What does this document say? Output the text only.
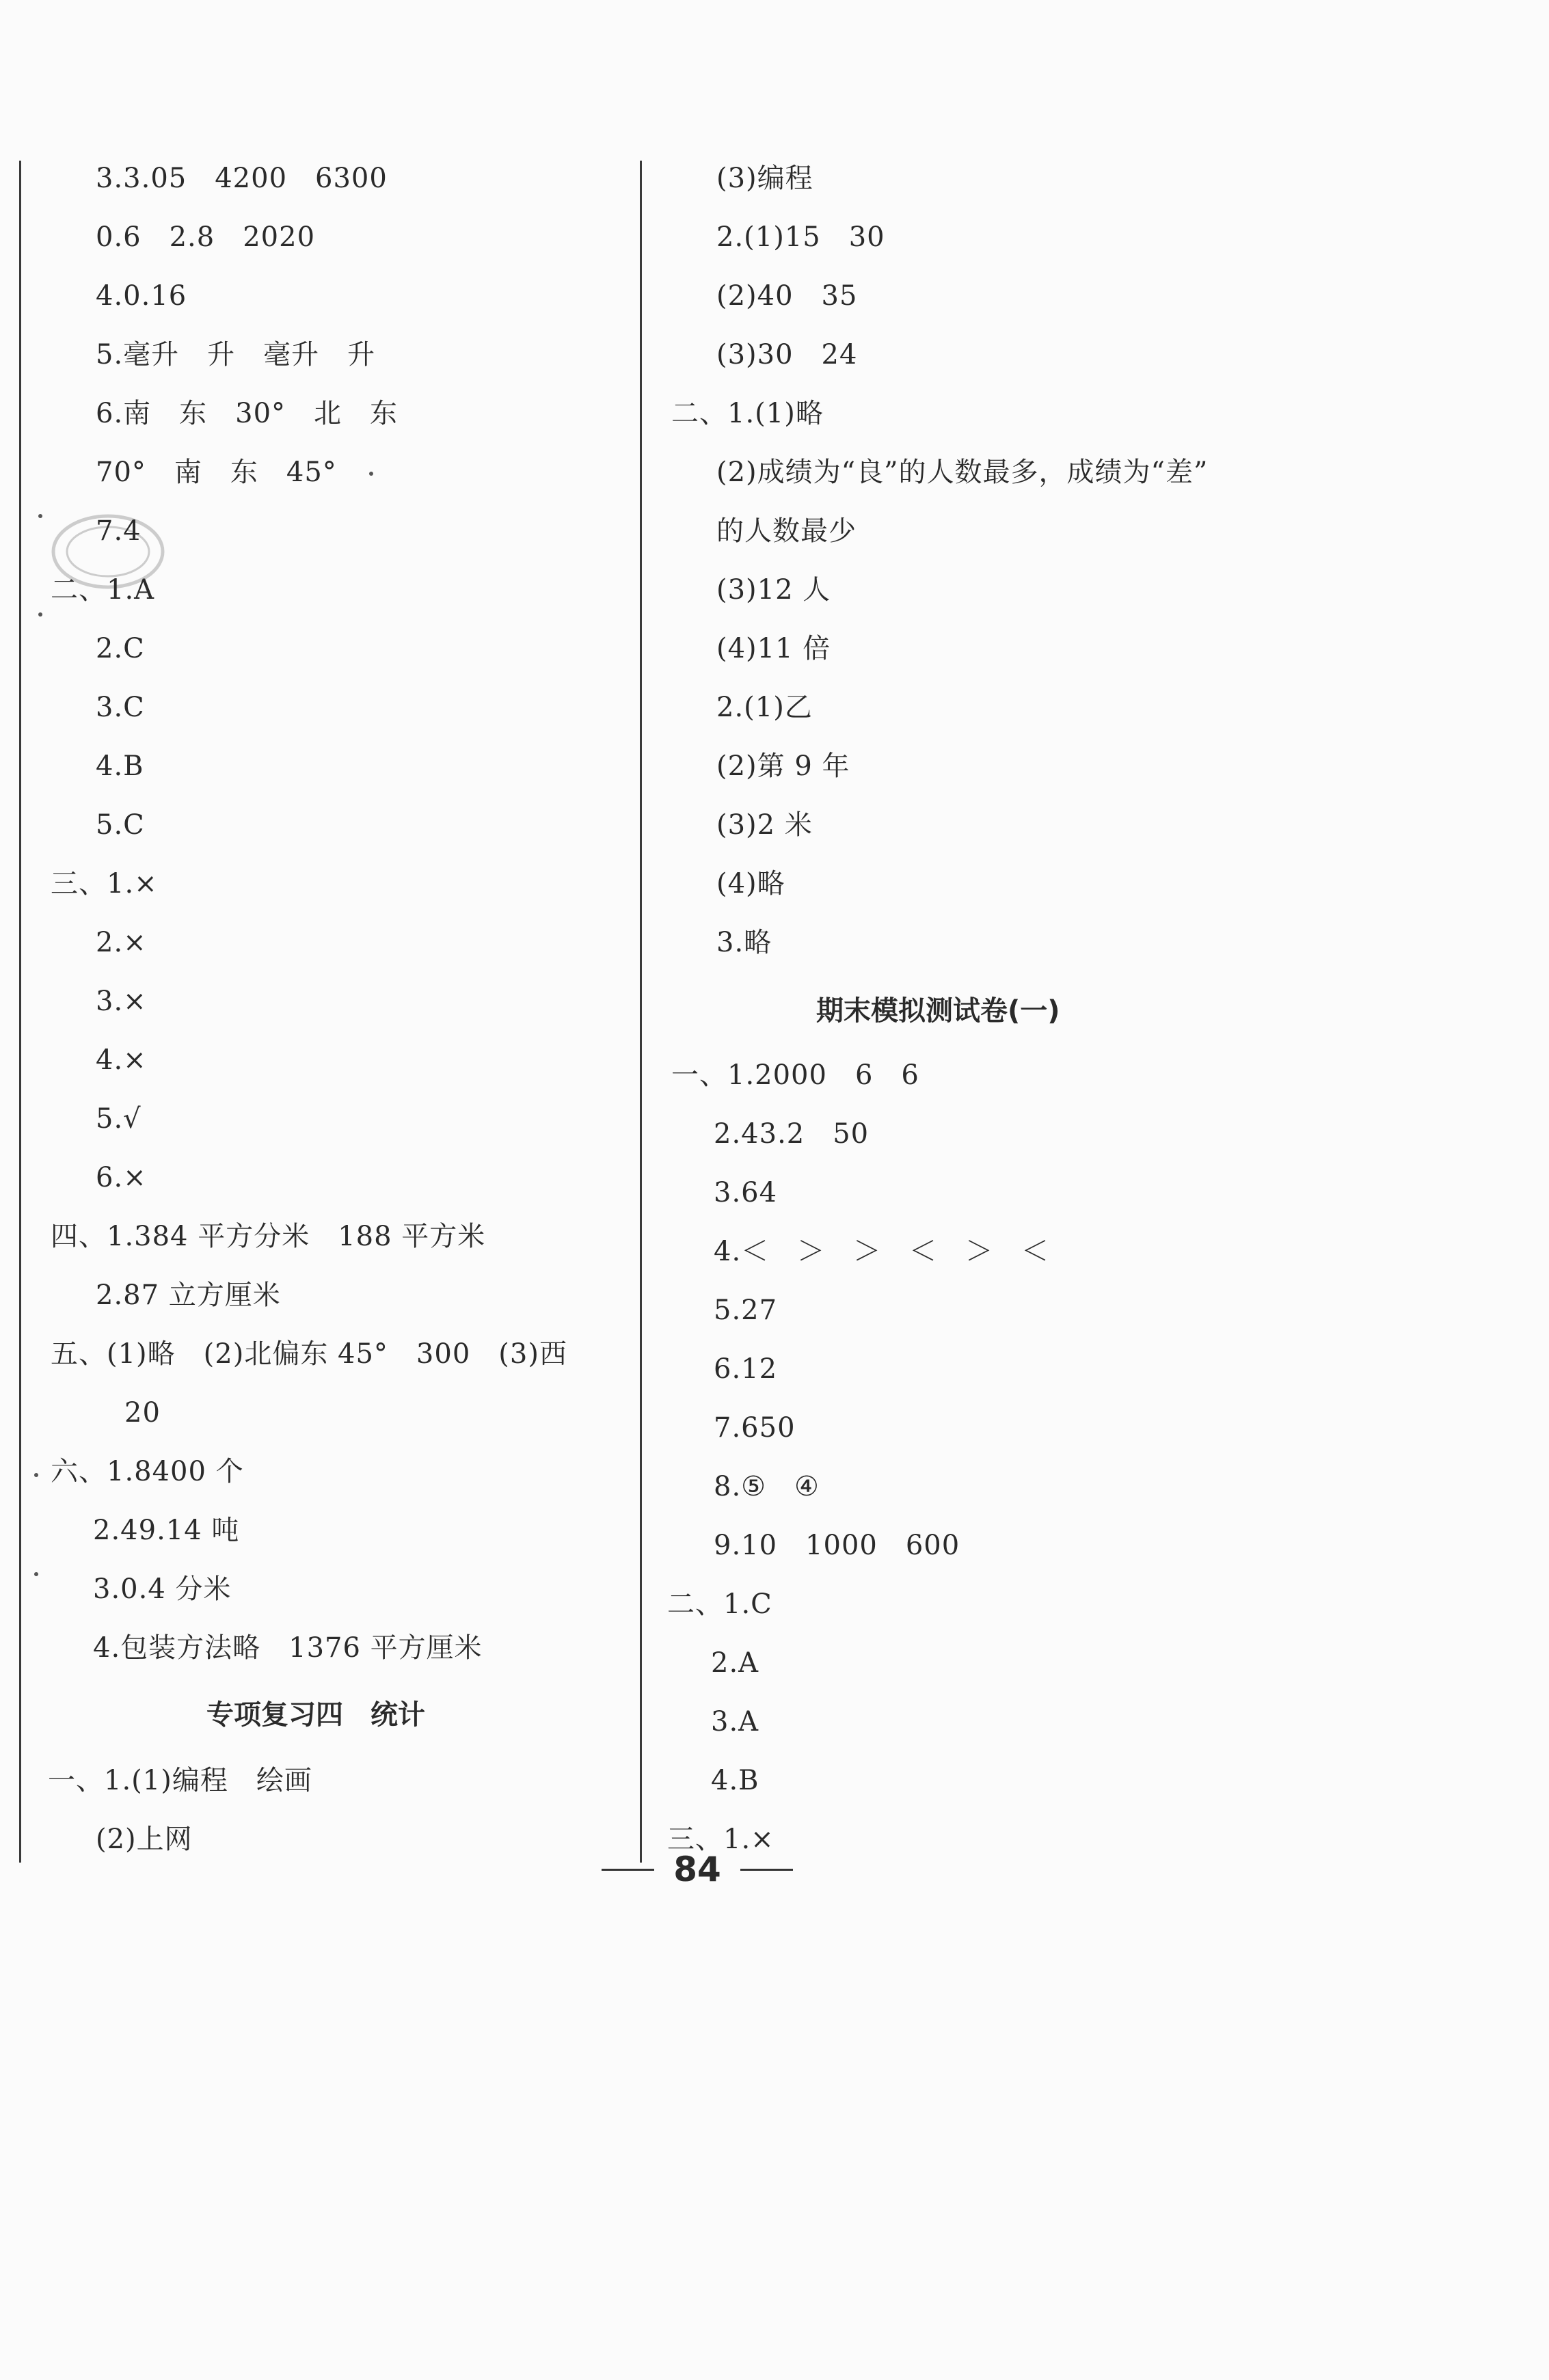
3.3.05　4200　6300
0.6　2.8　2020
4.0.16
5.毫升　升　毫升　升
6.南　东　30°　北　东
70°　南　东　45°
7.4
二、1.A
2.C
3.C
4.B
5.C
三、1.×
2.×
3.×
4.×
5.√
6.×
四、1.384 平方分米　188 平方米
2.87 立方厘米
五、(1)略　(2)北偏东 45°　300　(3)西
20
六、1.8400 个
2.49.14 吨
3.0.4 分米
4.包装方法略　1376 平方厘米
专项复习四　统计
一、1.(1)编程　绘画
(2)上网
(3)编程
2.(1)15　30
(2)40　35
(3)30　24
二、1.(1)略
(2)成绩为“良”的人数最多，成绩为“差”
的人数最少
(3)12 人
(4)11 倍
2.(1)乙
(2)第 9 年
(3)2 米
(4)略
3.略
期末模拟测试卷(一)
一、1.2000　6　6
2.43.2　50
3.64
4.＜　＞　＞　＜　＞　＜
5.27
6.12
7.650
8.⑤　④
9.10　1000　600
二、1.C
2.A
3.A
4.B
三、1.×
84
